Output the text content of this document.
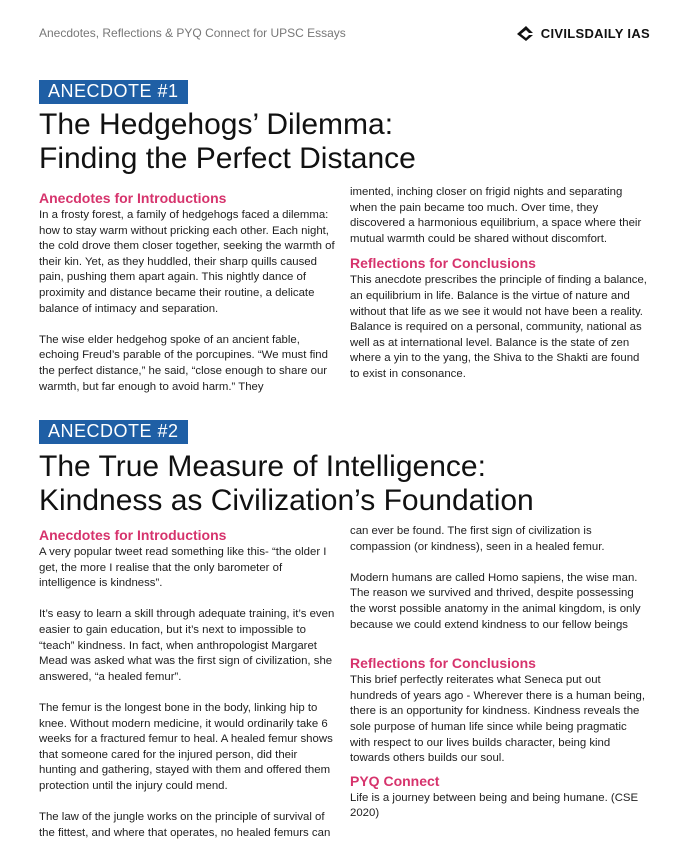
Anecdotes, Reflections & PYQ Connect for UPSC Essays	CIVILSDAILY IAS
ANECDOTE #1
The Hedgehogs’ Dilemma:
Finding the Perfect Distance
Anecdotes for Introductions

In a frosty forest, a family of hedgehogs faced a dilemma: how to stay warm without pricking each other. Each night, the cold drove them closer together, seeking the warmth of their kin. Yet, as they huddled, their sharp quills caused pain, pushing them apart again. This nightly dance of proximity and distance became their routine, a delicate balance of intimacy and separation.

The wise elder hedgehog spoke of an ancient fable, echoing Freud’s parable of the porcupines. “We must find the perfect distance,” he said, “close enough to share our warmth, but far enough to avoid harm.” They

imented, inching closer on frigid nights and separating when the pain became too much. Over time, they discovered a harmonious equilibrium, a space where their mutual warmth could be shared without discomfort.

Reflections for Conclusions

This anecdote prescribes the principle of finding a balance, an equilibrium in life. Balance is the virtue of nature and without that life as we see it would not have been a reality. Balance is required on a personal, community, national as well as at international level. Balance is the state of zen where a yin to the yang, the Shiva to the Shakti are found to exist in consonance.

ANECDOTE #2
The True Measure of Intelligence:
Kindness as Civilization’s Foundation
Anecdotes for Introductions

A very popular tweet read something like this- “the older I get, the more I realise that the only barometer of intelligence is kindness”.

It’s easy to learn a skill through adequate training, it’s even easier to gain education, but it’s next to impossible to “teach” kindness. In fact, when anthropologist Margaret Mead was asked what was the first sign of civilization, she answered, “a healed femur”.

The femur is the longest bone in the body, linking hip to knee. Without modern medicine, it would ordinarily take 6 weeks for a fractured femur to heal. A healed femur shows that someone cared for the injured person, did their hunting and gathering, stayed with them and offered them protection until the injury could mend.

The law of the jungle works on the principle of survival of the fittest, and where that operates, no healed femurs can

can ever be found. The first sign of civilization is compassion (or kindness), seen in a healed femur.

Modern humans are called Homo sapiens, the wise man. The reason we survived and thrived, despite possessing the worst possible anatomy in the animal kingdom, is only because we could extend kindness to our fellow beings

Reflections for Conclusions

This brief perfectly reiterates what Seneca put out hundreds of years ago - Wherever there is a human being, there is an opportunity for kindness. Kindness reveals the sole purpose of human life since while being pragmatic with respect to our lives builds character, being kind towards others builds our soul.

PYQ Connect

Life is a journey between being and being humane. (CSE 2020)
